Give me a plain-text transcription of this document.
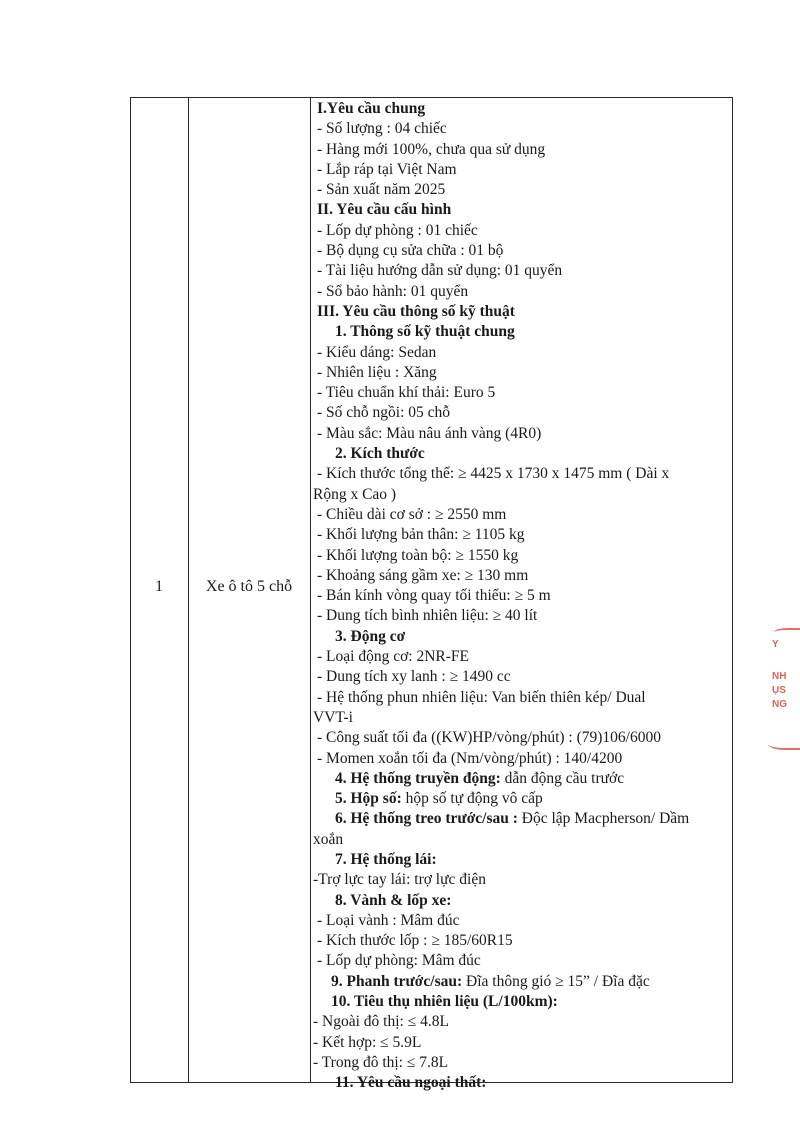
1	Xe ô tô 5 chỗ
I.Yêu cầu chung
- Số lượng : 04 chiếc
- Hàng mới 100%, chưa qua sử dụng
- Lắp ráp tại Việt Nam
- Sản xuất năm 2025
II. Yêu cầu cấu hình
- Lốp dự phòng : 01 chiếc
- Bộ dụng cụ sửa chữa : 01 bộ
- Tài liệu hướng dẫn sử dụng: 01 quyển
- Sổ bảo hành: 01 quyển
III. Yêu cầu thông số kỹ thuật
1. Thông số kỹ thuật chung
- Kiểu dáng: Sedan
- Nhiên liệu : Xăng
- Tiêu chuẩn khí thải: Euro 5
- Số chỗ ngồi: 05 chỗ
- Màu sắc: Màu nâu ánh vàng (4R0)
2. Kích thước
- Kích thước tổng thể: ≥ 4425 x 1730 x 1475 mm ( Dài x
Rộng x Cao )
- Chiều dài cơ sở : ≥ 2550 mm
- Khối lượng bản thân: ≥ 1105 kg
- Khối lượng toàn bộ: ≥ 1550 kg
- Khoảng sáng gầm xe: ≥ 130 mm
- Bán kính vòng quay tối thiểu: ≥ 5 m
- Dung tích bình nhiên liệu: ≥ 40 lít
3. Động cơ
- Loại động cơ: 2NR-FE
- Dung tích xy lanh : ≥ 1490 cc
- Hệ thống phun nhiên liệu: Van biến thiên kép/ Dual
VVT-i
- Công suất tối đa ((KW)HP/vòng/phút) : (79)106/6000
- Momen xoắn tối đa (Nm/vòng/phút) : 140/4200
4. Hệ thống truyền động: dẫn động cầu trước
5. Hộp số: hộp số tự động vô cấp
6. Hệ thống treo trước/sau : Độc lập Macpherson/ Dầm
xoắn
7. Hệ thống lái:
-Trợ lực tay lái: trợ lực điện
8. Vành & lốp xe:
- Loại vành : Mâm đúc
- Kích thước lốp : ≥ 185/60R15
- Lốp dự phòng: Mâm đúc
9. Phanh trước/sau: Đĩa thông gió ≥ 15” / Đĩa đặc
10. Tiêu thụ nhiên liệu (L/100km):
- Ngoài đô thị: ≤ 4.8L
- Kết hợp: ≤ 5.9L
- Trong đô thị: ≤ 7.8L
11. Yêu cầu ngoại thất:
Y
NH
ỤS
NG
